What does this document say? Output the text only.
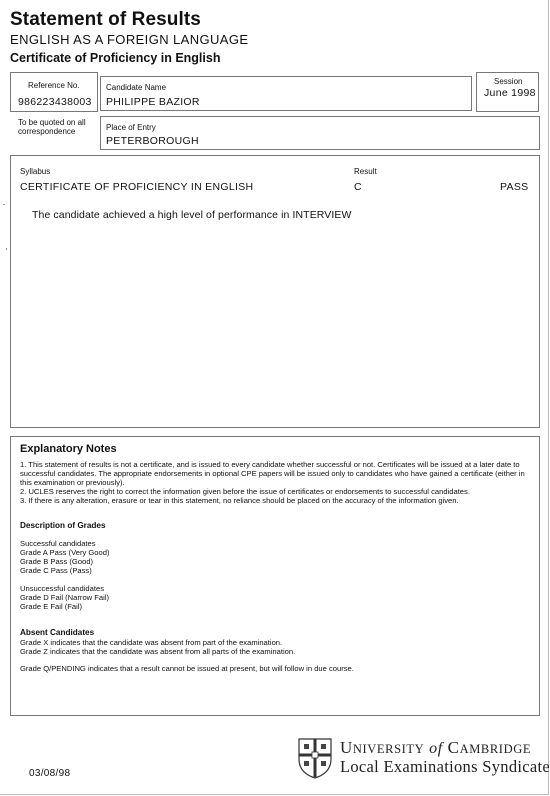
Statement of Results
ENGLISH AS A FOREIGN LANGUAGE
Certificate of Proficiency in English
Reference No.
986223438003
To be quoted on all correspondence
Candidate Name
PHILIPPE BAZIOR
Session
June 1998
Place of Entry
PETERBOROUGH
Syllabus	Result
CERTIFICATE OF PROFICIENCY IN ENGLISH	C	PASS
The candidate achieved a high level of performance in INTERVIEW
Explanatory Notes
1. This statement of results is not a certificate, and is issued to every candidate whether successful or not. Certificates will be issued at a later date to successful candidates. The appropriate endorsements in optional CPE papers will be issued only to candidates who have gained a certificate (either in this examination or previously).
2. UCLES reserves the right to correct the information given before the issue of certificates or endorsements to successful candidates.
3. If there is any alteration, erasure or tear in this statement, no reliance should be placed on the accuracy of the information given.
Description of Grades
Successful candidates
Grade A Pass (Very Good)
Grade B Pass (Good)
Grade C Pass (Pass)
Unsuccessful candidates
Grade D Fail (Narrow Fail)
Grade E Fail (Fail)
Absent Candidates
Grade X indicates that the candidate was absent from part of the examination.
Grade Z indicates that the candidate was absent from all parts of the examination.
Grade Q/PENDING indicates that a result cannot be issued at present, but will follow in due course.
03/08/98
UNIVERSITY of CAMBRIDGE
Local Examinations Syndicate
